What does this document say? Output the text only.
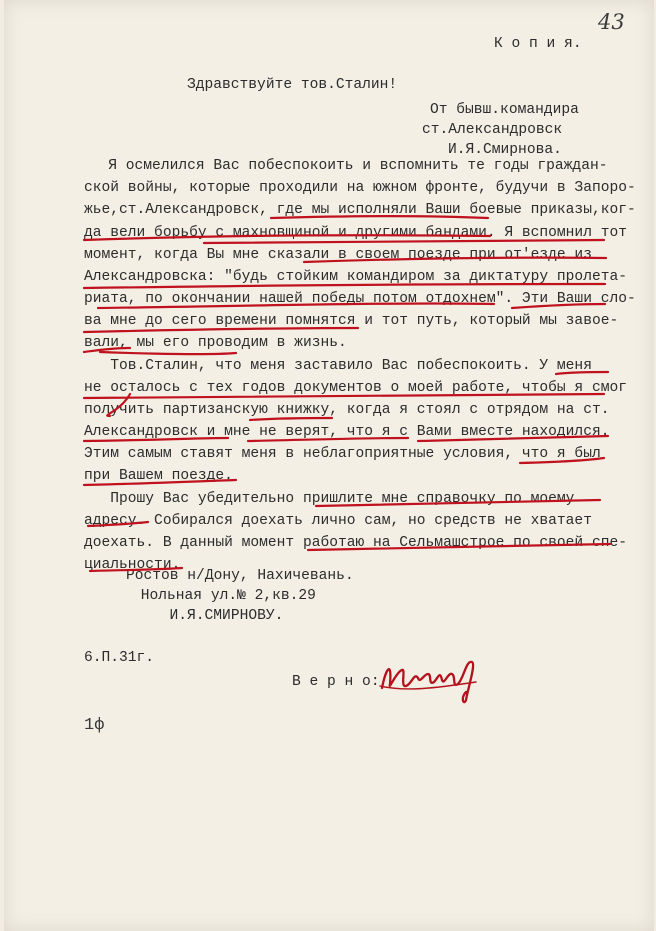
43
К о п и я.
Здравствуйте тов.Сталин!
От бывш.командира
ст.Александровск
И.Я.Смирнова.
Я осмелился Вас побеспокоить и вспомнить те годы граждан-
ской войны, которые проходили на южном фронте, будучи в Запоро-
жье,ст.Александровск, где мы исполняли Ваши боевые приказы,ког-
да вели борьбу с махновщиной и другими бандами. Я вспомнил тот
момент, когда Вы мне сказали в своем поезде при от'езде из
Александровска: "будь стойким командиром за диктатуру пролета-
риата, по окончании нашей победы потом отдохнем". Эти Ваши сло-
ва мне до сего времени помнятся и тот путь, который мы завое-
вали, мы его проводим в жизнь.
Тов.Сталин, что меня заставило Вас побеспокоить. У меня
не осталось с тех годов документов о моей работе, чтобы я смог
получить партизанскую книжку, когда я стоял с отрядом на ст.
Александровск и мне не верят, что я с Вами вместе находился.
Этим самым ставят меня в неблагоприятные условия, что я был
при Вашем поезде.
Прошу Вас убедительно пришлите мне справочку по моему
адресу. Собирался доехать лично сам, но средств не хватает
доехать. В данный момент работаю на Сельмашстрое по своей спе-
циальности.
Ростов н/Дону, Нахичевань.
Нольная ул.№ 2,кв.29
И.Я.СМИРНОВУ.
6.П.31г.
В е р н о:
1ф
